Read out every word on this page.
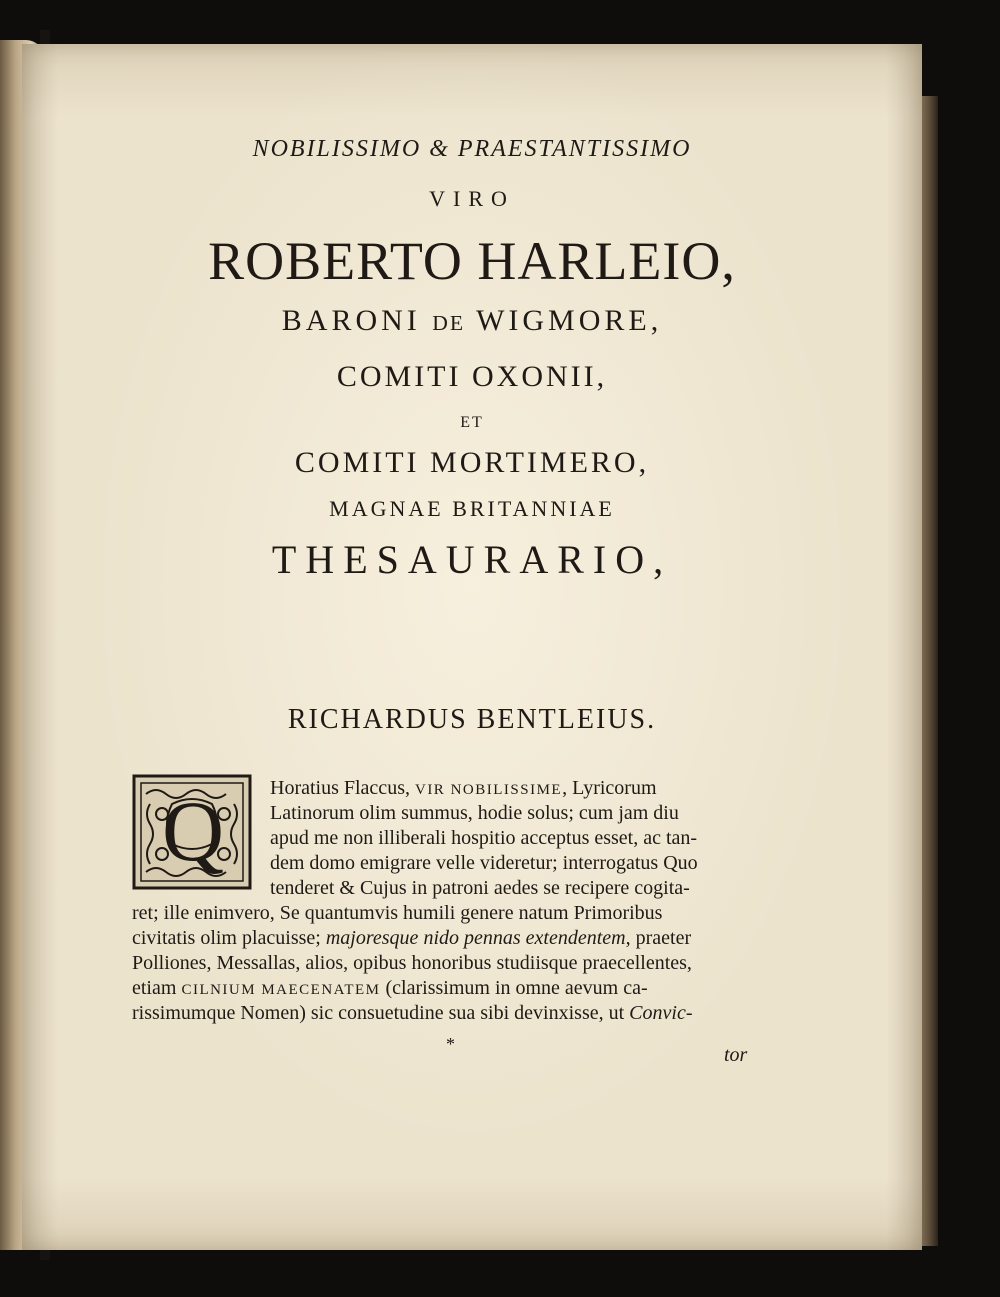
NOBILISSIMO & PRAESTANTISSIMO
VIRO
ROBERTO HARLEIO,
BARONI DE WIGMORE,
COMITI OXONII,
ET
COMITI MORTIMERO,
MAGNAE BRITANNIAE
THESAURARIO,
RICHARDUS BENTLEIUS.
Q Horatius Flaccus, VIR NOBILISSIME, Lyricorum
Latinorum olim summus, hodie solus; cum jam diu
apud me non illiberali hospitio acceptus esset, ac tan-
dem domo emigrare velle videretur; interrogatus Quo
tenderet & Cujus in patroni aedes se recipere cogita-
ret; ille enimvero, Se quantumvis humili genere natum Primoribus
civitatis olim placuisse; majoresque nido pennas extendentem, praeter
Polliones, Messallas, alios, opibus honoribus studiisque praecellentes,
etiam CILNIUM MAECENATEM (clarissimum in omne aevum ca-
rissimumque Nomen) sic consuetudine sua sibi devinxisse, ut Convic-
*	tor
